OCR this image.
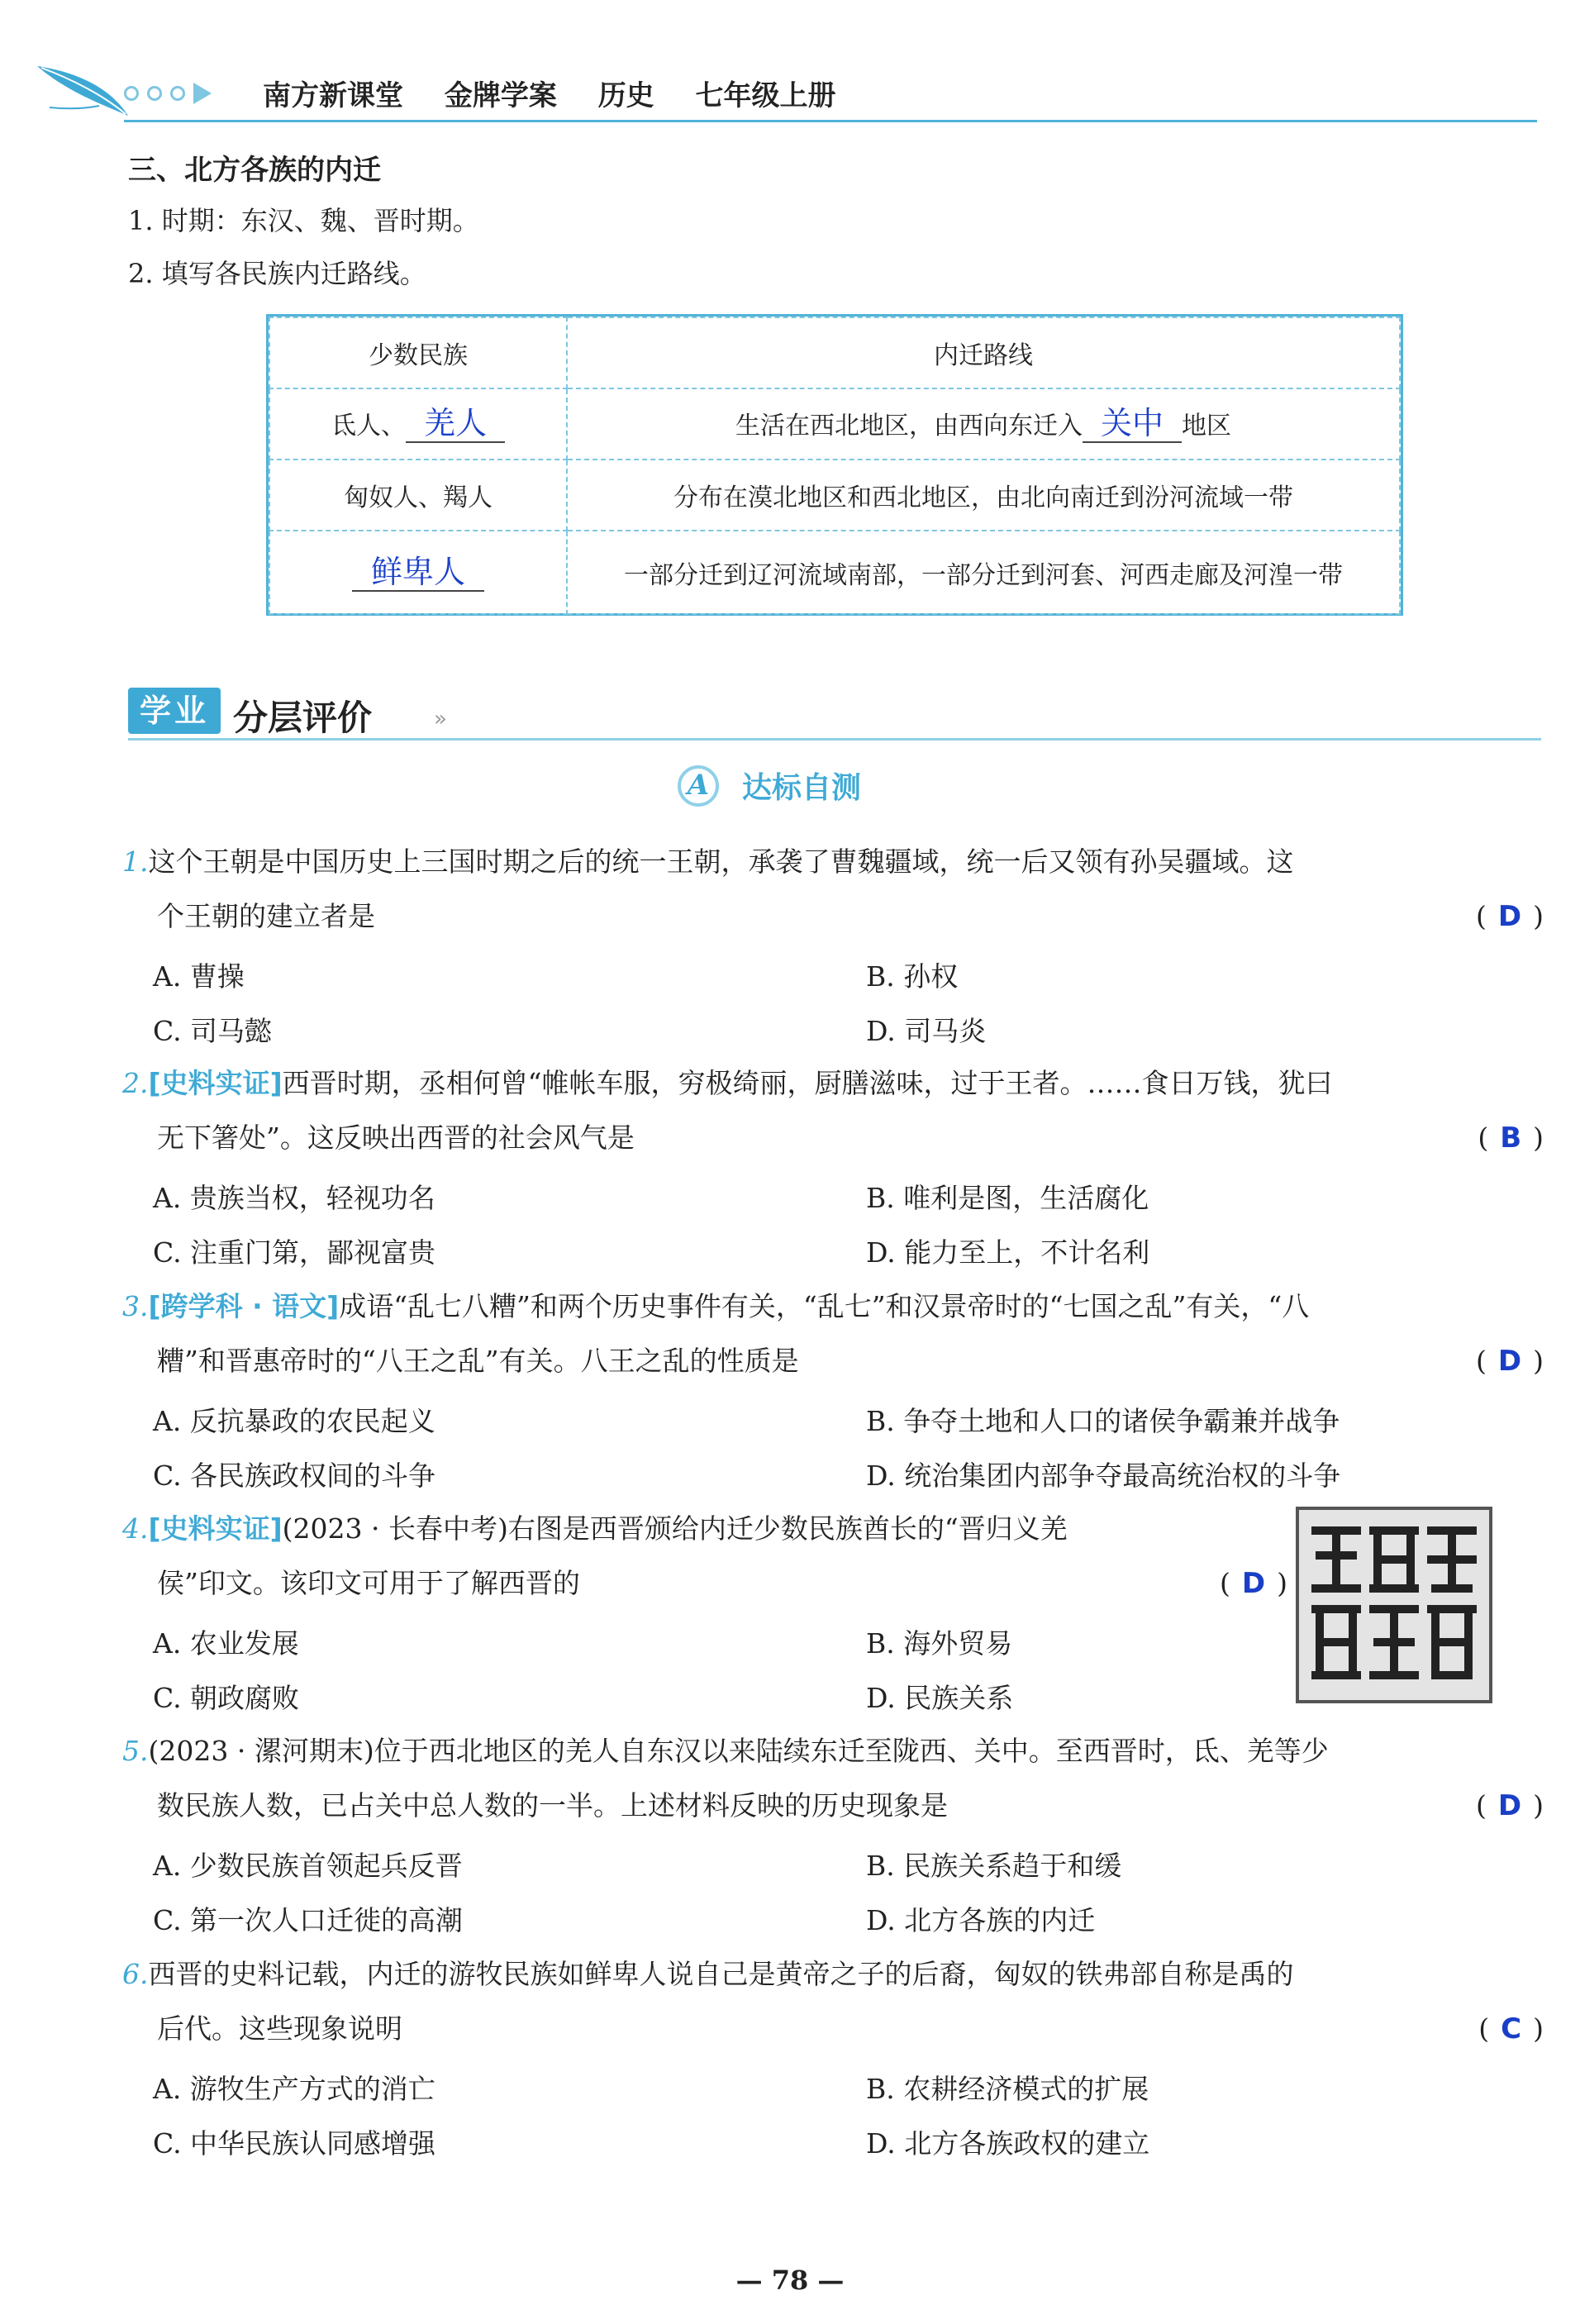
南方新课堂 金牌学案 历史 七年级上册
三、北方各族的内迁
1. 时期：东汉、魏、晋时期。
2. 填写各民族内迁路线。
少数民族	内迁路线
氐人、 羌人	生活在西北地区，由西向东迁入 关中 地区
匈奴人、羯人	分布在漠北地区和西北地区，由北向南迁到汾河流域一带
鲜卑人	一部分迁到辽河流域南部，一部分迁到河套、河西走廊及河湟一带
学业 分层评价	»
A	达标自测
1.这个王朝是中国历史上三国时期之后的统一王朝，承袭了曹魏疆域，统一后又领有孙吴疆域。这
个王朝的建立者是	( D )
A. 曹操	B. 孙权
C. 司马懿	D. 司马炎
2.[史料实证]西晋时期，丞相何曾“帷帐车服，穷极绮丽，厨膳滋味，过于王者。……食日万钱，犹曰
无下箸处”。这反映出西晋的社会风气是	( B )
A. 贵族当权，轻视功名	B. 唯利是图，生活腐化
C. 注重门第，鄙视富贵	D. 能力至上，不计名利
3.[跨学科 · 语文]成语“乱七八糟”和两个历史事件有关，“乱七”和汉景帝时的“七国之乱”有关，“八
糟”和晋惠帝时的“八王之乱”有关。八王之乱的性质是	( D )
A. 反抗暴政的农民起义	B. 争夺土地和人口的诸侯争霸兼并战争
C. 各民族政权间的斗争	D. 统治集团内部争夺最高统治权的斗争
4.[史料实证](2023 · 长春中考)右图是西晋颁给内迁少数民族酋长的“晋归义羌
侯”印文。该印文可用于了解西晋的	( D )
A. 农业发展	B. 海外贸易
C. 朝政腐败	D. 民族关系
5.(2023 · 漯河期末)位于西北地区的羌人自东汉以来陆续东迁至陇西、关中。至西晋时，氐、羌等少
数民族人数，已占关中总人数的一半。上述材料反映的历史现象是	( D )
A. 少数民族首领起兵反晋	B. 民族关系趋于和缓
C. 第一次人口迁徙的高潮	D. 北方各族的内迁
6.西晋的史料记载，内迁的游牧民族如鲜卑人说自己是黄帝之子的后裔，匈奴的铁弗部自称是禹的
后代。这些现象说明	( C )
A. 游牧生产方式的消亡	B. 农耕经济模式的扩展
C. 中华民族认同感增强	D. 北方各族政权的建立
— 78 —
